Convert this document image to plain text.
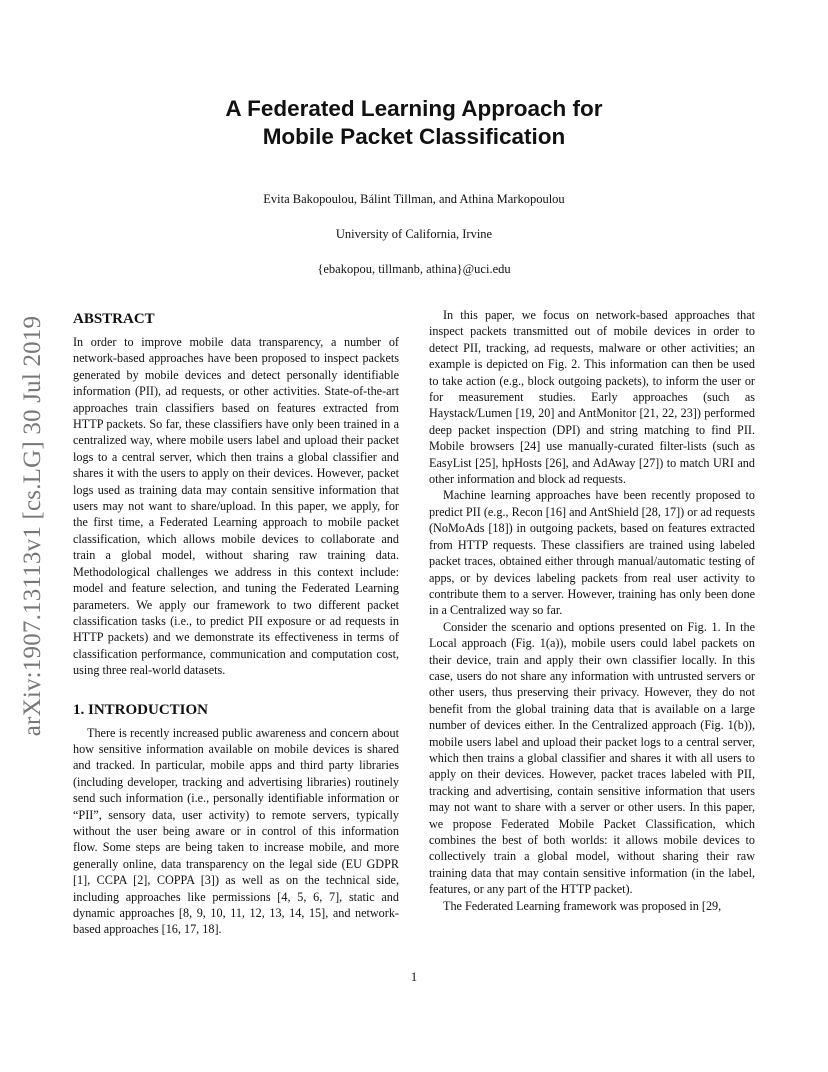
A Federated Learning Approach for
Mobile Packet Classification
Evita Bakopoulou, Bálint Tillman, and Athina Markopoulou
University of California, Irvine
{ebakopou, tillmanb, athina}@uci.edu
arXiv:1907.13113v1 [cs.LG] 30 Jul 2019 ABSTRACT

In order to improve mobile data transparency, a number of network-based approaches have been proposed to inspect packets generated by mobile devices and detect personally identifiable information (PII), ad requests, or other activities. State-of-the-art approaches train classifiers based on features extracted from HTTP packets. So far, these classifiers have only been trained in a centralized way, where mobile users label and upload their packet logs to a central server, which then trains a global classifier and shares it with the users to apply on their devices. However, packet logs used as training data may contain sensitive information that users may not want to share/upload. In this paper, we apply, for the first time, a Federated Learning approach to mobile packet classification, which allows mobile devices to collaborate and train a global model, without sharing raw training data. Methodological challenges we address in this context include: model and feature selection, and tuning the Federated Learning parameters. We apply our framework to two different packet classification tasks (i.e., to predict PII exposure or ad requests in HTTP packets) and we demonstrate its effectiveness in terms of classification performance, communication and computation cost, using three real-world datasets.

1. INTRODUCTION

There is recently increased public awareness and concern about how sensitive information available on mobile devices is shared and tracked. In particular, mobile apps and third party libraries (including developer, tracking and advertising libraries) routinely send such information (i.e., personally identifiable information or “PII”, sensory data, user activity) to remote servers, typically without the user being aware or in control of this information flow. Some steps are being taken to increase mobile, and more generally online, data transparency on the legal side (EU GDPR [1], CCPA [2], COPPA [3]) as well as on the technical side, including approaches like permissions [4, 5, 6, 7], static and dynamic approaches [8, 9, 10, 11, 12, 13, 14, 15], and network-based approaches [16, 17, 18].

In this paper, we focus on network-based approaches that inspect packets transmitted out of mobile devices in order to detect PII, tracking, ad requests, malware or other activities; an example is depicted on Fig. 2. This information can then be used to take action (e.g., block outgoing packets), to inform the user or for measurement studies. Early approaches (such as Haystack/Lumen [19, 20] and AntMonitor [21, 22, 23]) performed deep packet inspection (DPI) and string matching to find PII. Mobile browsers [24] use manually-curated filter-lists (such as EasyList [25], hpHosts [26], and AdAway [27]) to match URI and other information and block ad requests.

Machine learning approaches have been recently proposed to predict PII (e.g., Recon [16] and AntShield [28, 17]) or ad requests (NoMoAds [18]) in outgoing packets, based on features extracted from HTTP requests. These classifiers are trained using labeled packet traces, obtained either through manual/automatic testing of apps, or by devices labeling packets from real user activity to contribute them to a server. However, training has only been done in a Centralized way so far.

Consider the scenario and options presented on Fig. 1. In the Local approach (Fig. 1(a)), mobile users could label packets on their device, train and apply their own classifier locally. In this case, users do not share any information with untrusted servers or other users, thus preserving their privacy. However, they do not benefit from the global training data that is available on a large number of devices either. In the Centralized approach (Fig. 1(b)), mobile users label and upload their packet logs to a central server, which then trains a global classifier and shares it with all users to apply on their devices. However, packet traces labeled with PII, tracking and advertising, contain sensitive information that users may not want to share with a server or other users. In this paper, we propose Federated Mobile Packet Classification, which combines the best of both worlds: it allows mobile devices to collectively train a global model, without sharing their raw training data that may contain sensitive information (in the label, features, or any part of the HTTP packet).

The Federated Learning framework was proposed in [29,

1
